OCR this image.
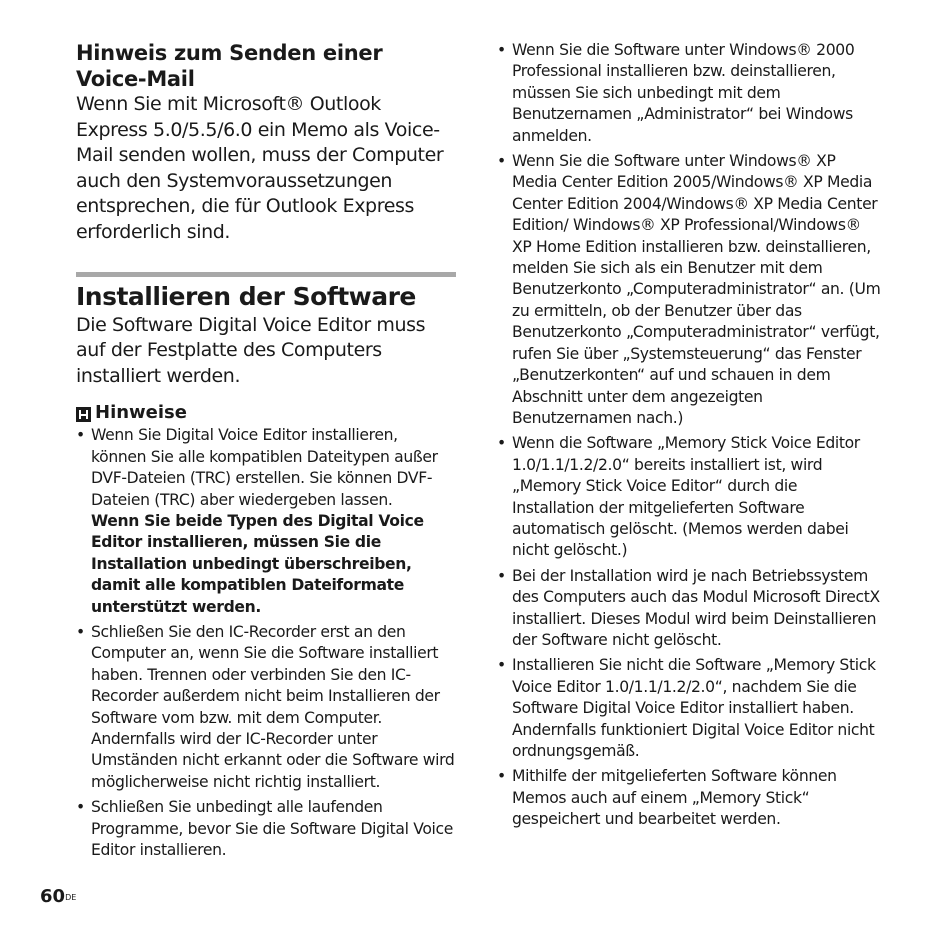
Hinweis zum Senden einer Voice-Mail

Wenn Sie mit Microsoft® Outlook Express 5.0/5.5/6.0 ein Memo als Voice-Mail senden wollen, muss der Computer auch den Systemvoraussetzungen entsprechen, die für Outlook Express erforderlich sind.

Installieren der Software

Die Software Digital Voice Editor muss auf der Festplatte des Computers installiert werden.

Hinweise
• Wenn Sie Digital Voice Editor installieren, können Sie alle kompatiblen Dateitypen außer DVF-Dateien (TRC) erstellen. Sie können DVF-Dateien (TRC) aber wiedergeben lassen.
Wenn Sie beide Typen des Digital Voice Editor installieren, müssen Sie die Installation unbedingt überschreiben, damit alle kompatiblen Dateiformate unterstützt werden.
• Schließen Sie den IC-Recorder erst an den Computer an, wenn Sie die Software installiert haben. Trennen oder verbinden Sie den IC-Recorder außerdem nicht beim Installieren der Software vom bzw. mit dem Computer. Andernfalls wird der IC-Recorder unter Umständen nicht erkannt oder die Software wird möglicherweise nicht richtig installiert.
• Schließen Sie unbedingt alle laufenden Programme, bevor Sie die Software Digital Voice Editor installieren.
• Wenn Sie die Software unter Windows® 2000 Professional installieren bzw. deinstallieren, müssen Sie sich unbedingt mit dem Benutzernamen „Administrator“ bei Windows anmelden.
• Wenn Sie die Software unter Windows® XP Media Center Edition 2005/Windows® XP Media Center Edition 2004/Windows® XP Media Center Edition/ Windows® XP Professional/Windows® XP Home Edition installieren bzw. deinstallieren, melden Sie sich als ein Benutzer mit dem Benutzerkonto „Computeradministrator“ an. (Um zu ermitteln, ob der Benutzer über das Benutzerkonto „Computeradministrator“ verfügt, rufen Sie über „Systemsteuerung“ das Fenster „Benutzerkonten“ auf und schauen in dem Abschnitt unter dem angezeigten Benutzernamen nach.)
• Wenn die Software „Memory Stick Voice Editor 1.0/1.1/1.2/2.0“ bereits installiert ist, wird „Memory Stick Voice Editor“ durch die Installation der mitgelieferten Software automatisch gelöscht. (Memos werden dabei nicht gelöscht.)
• Bei der Installation wird je nach Betriebssystem des Computers auch das Modul Microsoft DirectX installiert. Dieses Modul wird beim Deinstallieren der Software nicht gelöscht.
• Installieren Sie nicht die Software „Memory Stick Voice Editor 1.0/1.1/1.2/2.0“, nachdem Sie die Software Digital Voice Editor installiert haben. Andernfalls funktioniert Digital Voice Editor nicht ordnungsgemäß.
• Mithilfe der mitgelieferten Software können Memos auch auf einem „Memory Stick“ gespeichert und bearbeitet werden.
60DE
